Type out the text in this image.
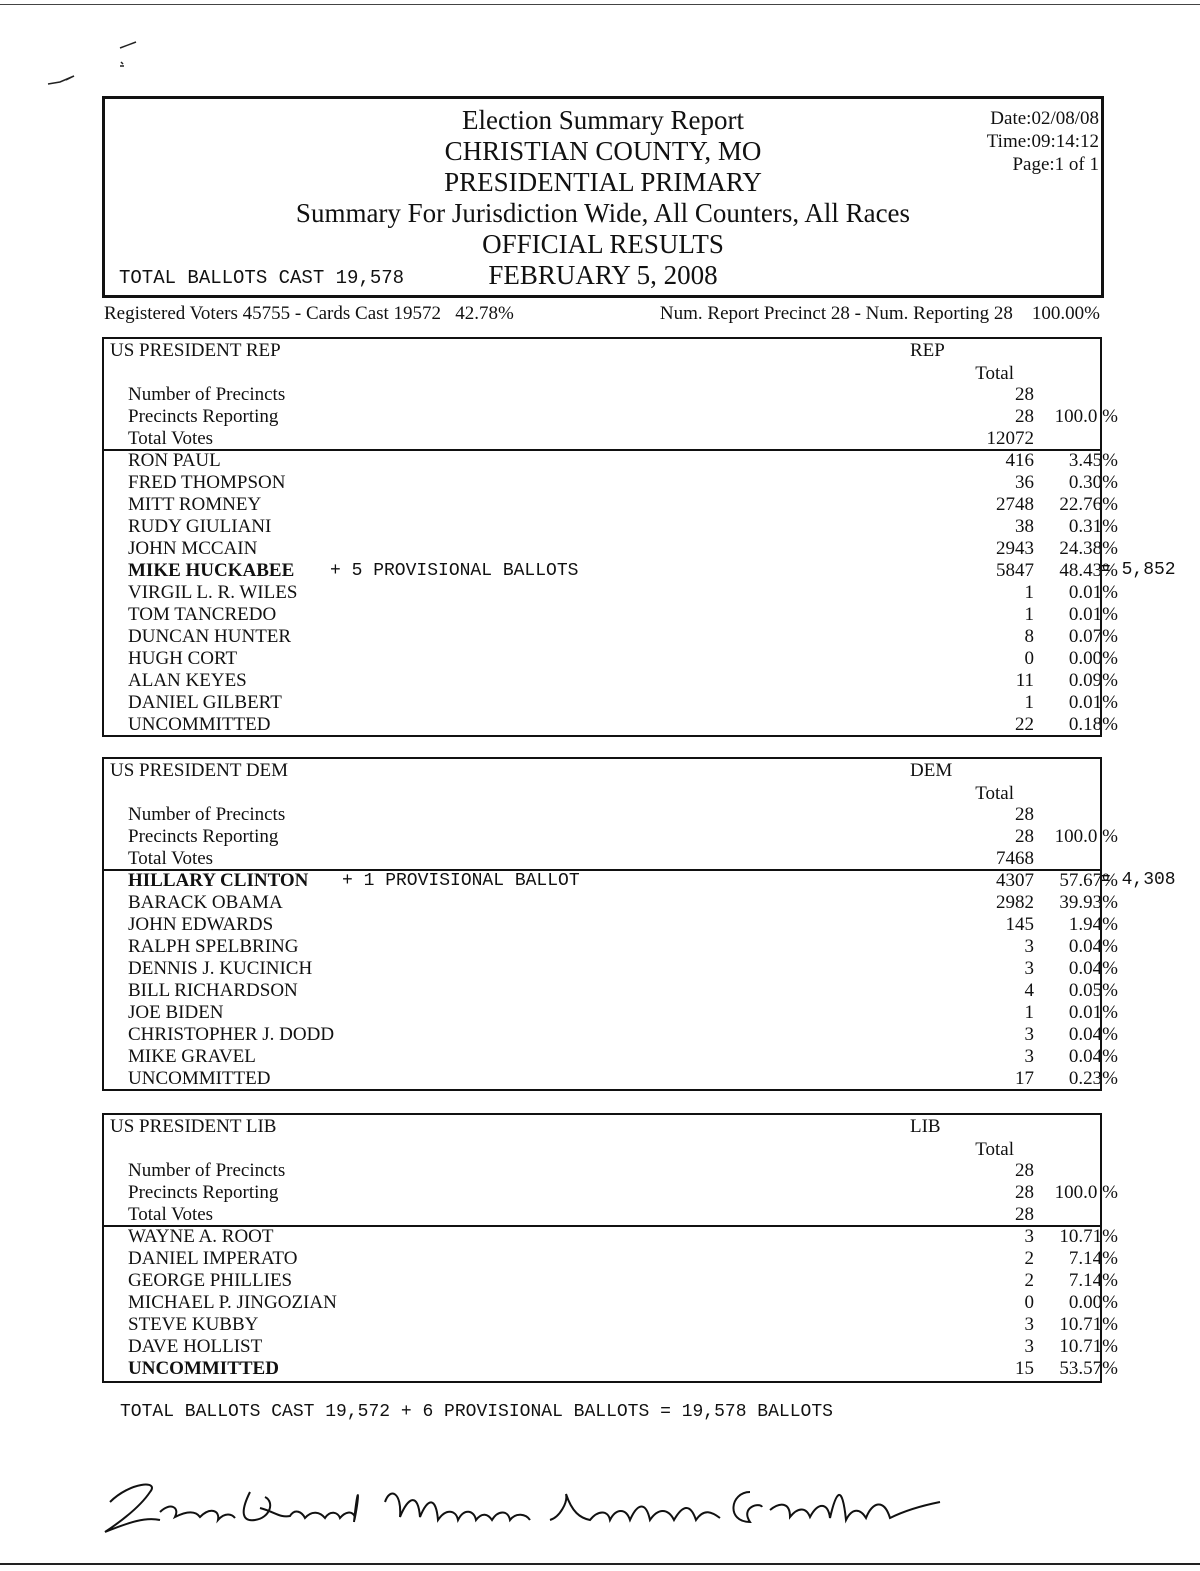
Election Summary Report
CHRISTIAN COUNTY, MO
PRESIDENTIAL PRIMARY
Summary For Jurisdiction Wide, All Counters, All Races
OFFICIAL RESULTS
FEBRUARY 5, 2008
Date:02/08/08
Time:09:14:12
Page:1 of 1
TOTAL BALLOTS CAST 19,578
Registered Voters 45755 - Cards Cast 19572   42.78%	Num. Report Precinct 28 - Num. Reporting 28    100.00%
US PRESIDENT REP	REP
Total
+ 5 PROVISIONAL BALLOTS
Number of Precincts	28
Precincts Reporting	28	100.0 %
Total Votes	12072
RON PAUL	416	3.45%
FRED THOMPSON	36	0.30%
MITT ROMNEY	2748	22.76%
RUDY GIULIANI	38	0.31%
JOHN MCCAIN	2943	24.38%
MIKE HUCKABEE	5847	48.43%
VIRGIL L. R. WILES	1	0.01%
TOM TANCREDO	1	0.01%
DUNCAN HUNTER	8	0.07%
HUGH CORT	0	0.00%
ALAN KEYES	11	0.09%
DANIEL GILBERT	1	0.01%
UNCOMMITTED	22	0.18%
= 5,852
US PRESIDENT DEM	DEM
Total
+ 1 PROVISIONAL BALLOT
Number of Precincts	28
Precincts Reporting	28	100.0 %
Total Votes	7468
HILLARY CLINTON	4307	57.67%
BARACK OBAMA	2982	39.93%
JOHN EDWARDS	145	1.94%
RALPH SPELBRING	3	0.04%
DENNIS J. KUCINICH	3	0.04%
BILL RICHARDSON	4	0.05%
JOE BIDEN	1	0.01%
CHRISTOPHER J. DODD	3	0.04%
MIKE GRAVEL	3	0.04%
UNCOMMITTED	17	0.23%
= 4,308
US PRESIDENT LIB	LIB
Total
Number of Precincts	28
Precincts Reporting	28	100.0 %
Total Votes	28
WAYNE A. ROOT	3	10.71%
DANIEL IMPERATO	2	7.14%
GEORGE PHILLIES	2	7.14%
MICHAEL P. JINGOZIAN	0	0.00%
STEVE KUBBY	3	10.71%
DAVE HOLLIST	3	10.71%
UNCOMMITTED	15	53.57%
TOTAL BALLOTS CAST 19,572 + 6 PROVISIONAL BALLOTS = 19,578 BALLOTS
